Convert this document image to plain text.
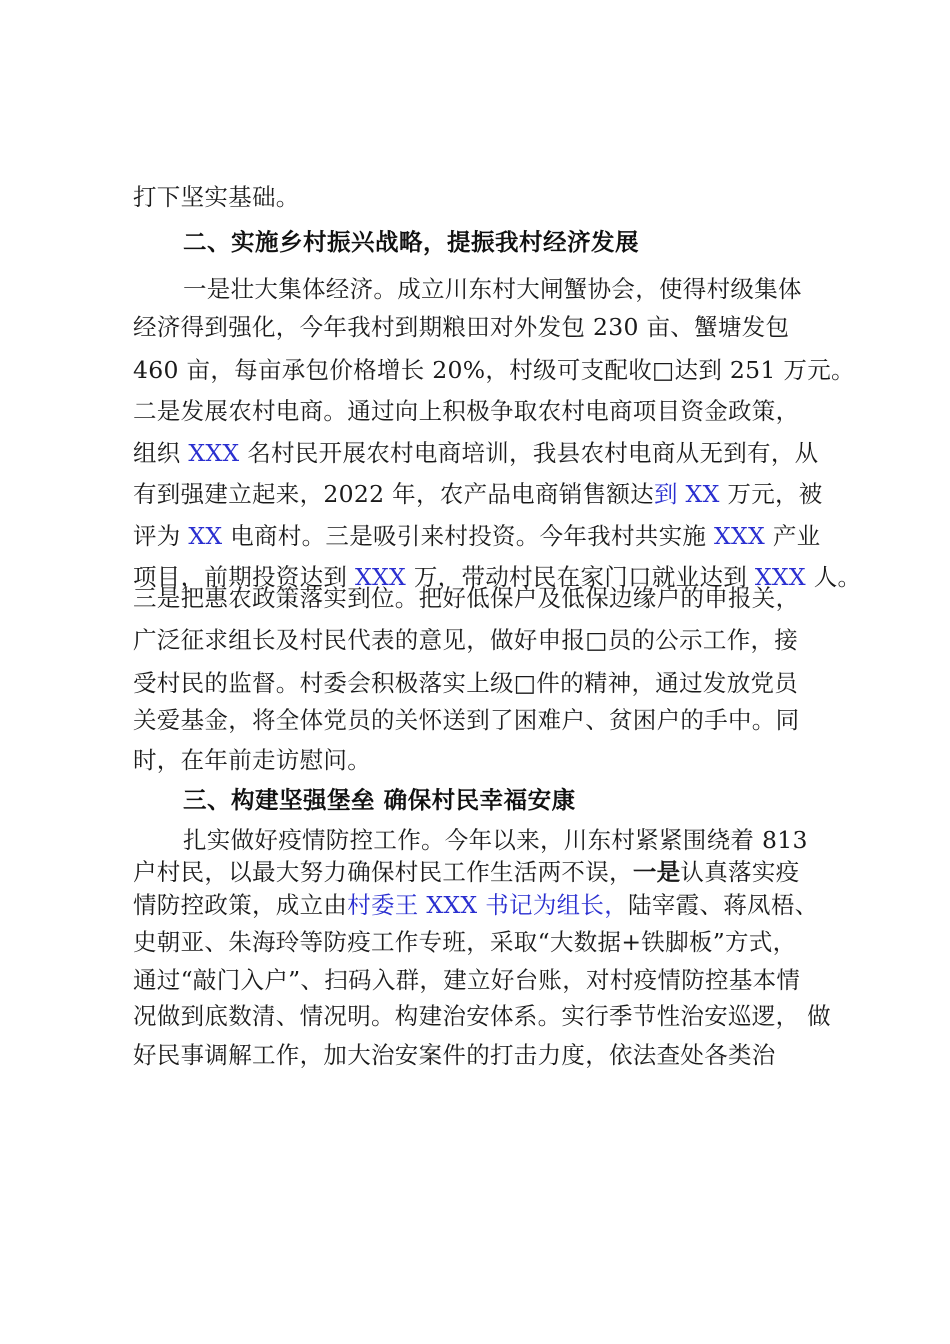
打下坚实基础。
二、实施乡村振兴战略，提振我村经济发展
一是壮大集体经济。成立川东村大闸蟹协会，使得村级集体
经济得到强化，今年我村到期粮田对外发包 230 亩、蟹塘发包
460 亩，每亩承包价格增长 20%，村级可支配收□达到 251 万元。
二是发展农村电商。通过向上积极争取农村电商项目资金政策，
组织 XXX 名村民开展农村电商培训，我县农村电商从无到有，从
有到强建立起来，2022 年，农产品电商销售额达到 XX 万元，被
评为 XX 电商村。三是吸引来村投资。今年我村共实施 XXX 产业
项目，前期投资达到 XXX 万，带动村民在家门口就业达到 XXX 人。
三是把惠农政策落实到位。把好低保户及低保边缘户的申报关，
广泛征求组长及村民代表的意见，做好申报□员的公示工作，接
受村民的监督。村委会积极落实上级□件的精神，通过发放党员
关爱基金，将全体党员的关怀送到了困难户、贫困户的手中。同
时，在年前走访慰问。
三、构建坚强堡垒 确保村民幸福安康
扎实做好疫情防控工作。今年以来，川东村紧紧围绕着 813
户村民，以最大努力确保村民工作生活两不误，一是认真落实疫
情防控政策，成立由村委王 XXX 书记为组长，陆宰霞、蒋凤梧、
史朝亚、朱海玲等防疫工作专班，采取“大数据+铁脚板”方式，
通过“敲门入户”、扫码入群，建立好台账，对村疫情防控基本情
况做到底数清、情况明。构建治安体系。实行季节性治安巡逻， 做
好民事调解工作，加大治安案件的打击力度，依法查处各类治
